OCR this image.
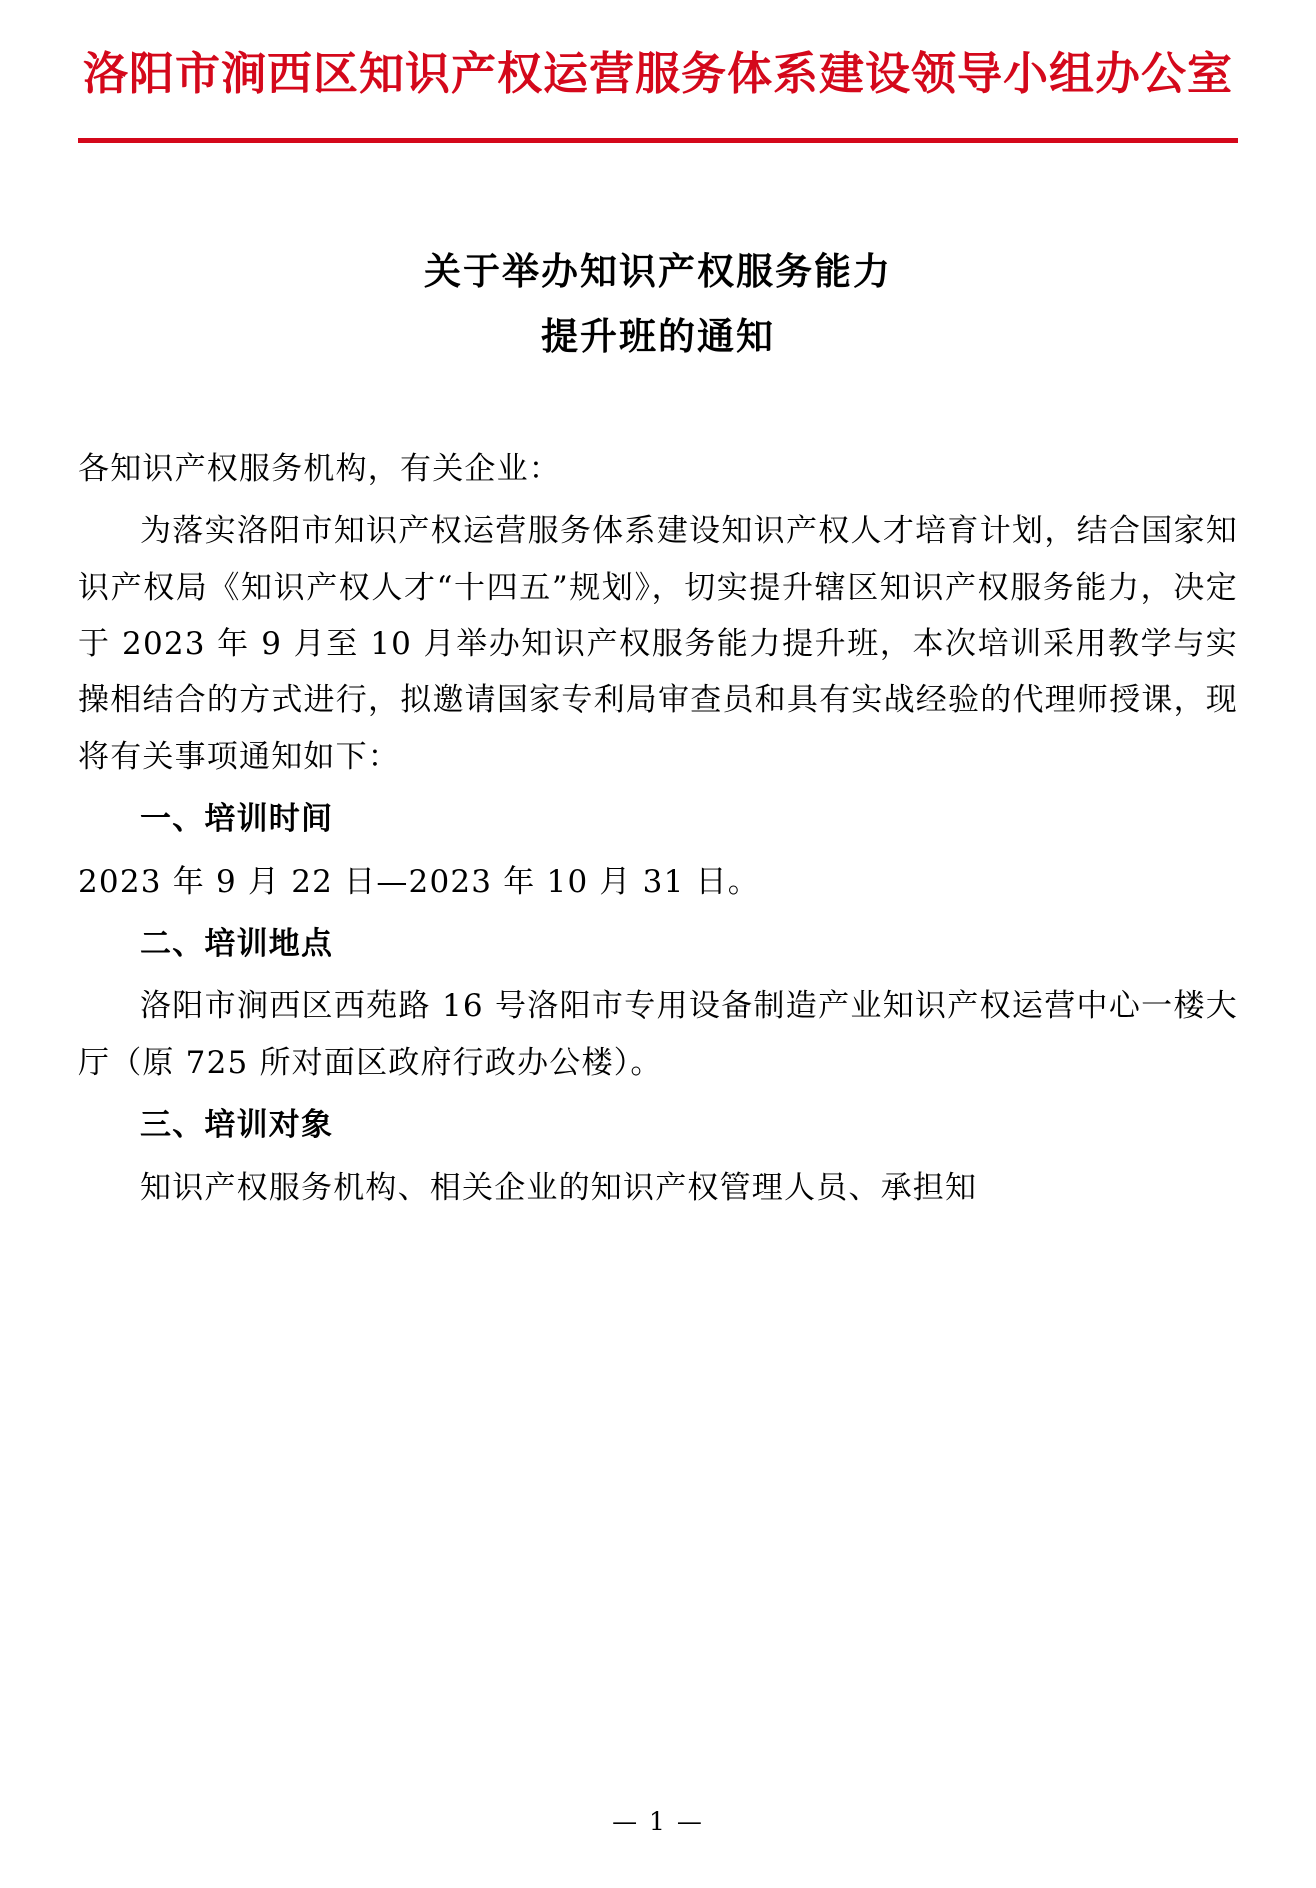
洛阳市涧西区知识产权运营服务体系建设领导小组办公室
关于举办知识产权服务能力
提升班的通知

各知识产权服务机构，有关企业：

为落实洛阳市知识产权运营服务体系建设知识产权人才培育计划，结合国家知识产权局《知识产权人才“十四五”规划》，切实提升辖区知识产权服务能力，决定于 2023 年 9 月至 10 月举办知识产权服务能力提升班，本次培训采用教学与实操相结合的方式进行，拟邀请国家专利局审查员和具有实战经验的代理师授课，现将有关事项通知如下：

一、培训时间

2023 年 9 月 22 日—2023 年 10 月 31 日。

二、培训地点

洛阳市涧西区西苑路 16 号洛阳市专用设备制造产业知识产权运营中心一楼大厅（原 725 所对面区政府行政办公楼）。

三、培训对象

知识产权服务机构、相关企业的知识产权管理人员、承担知

— 1 —
